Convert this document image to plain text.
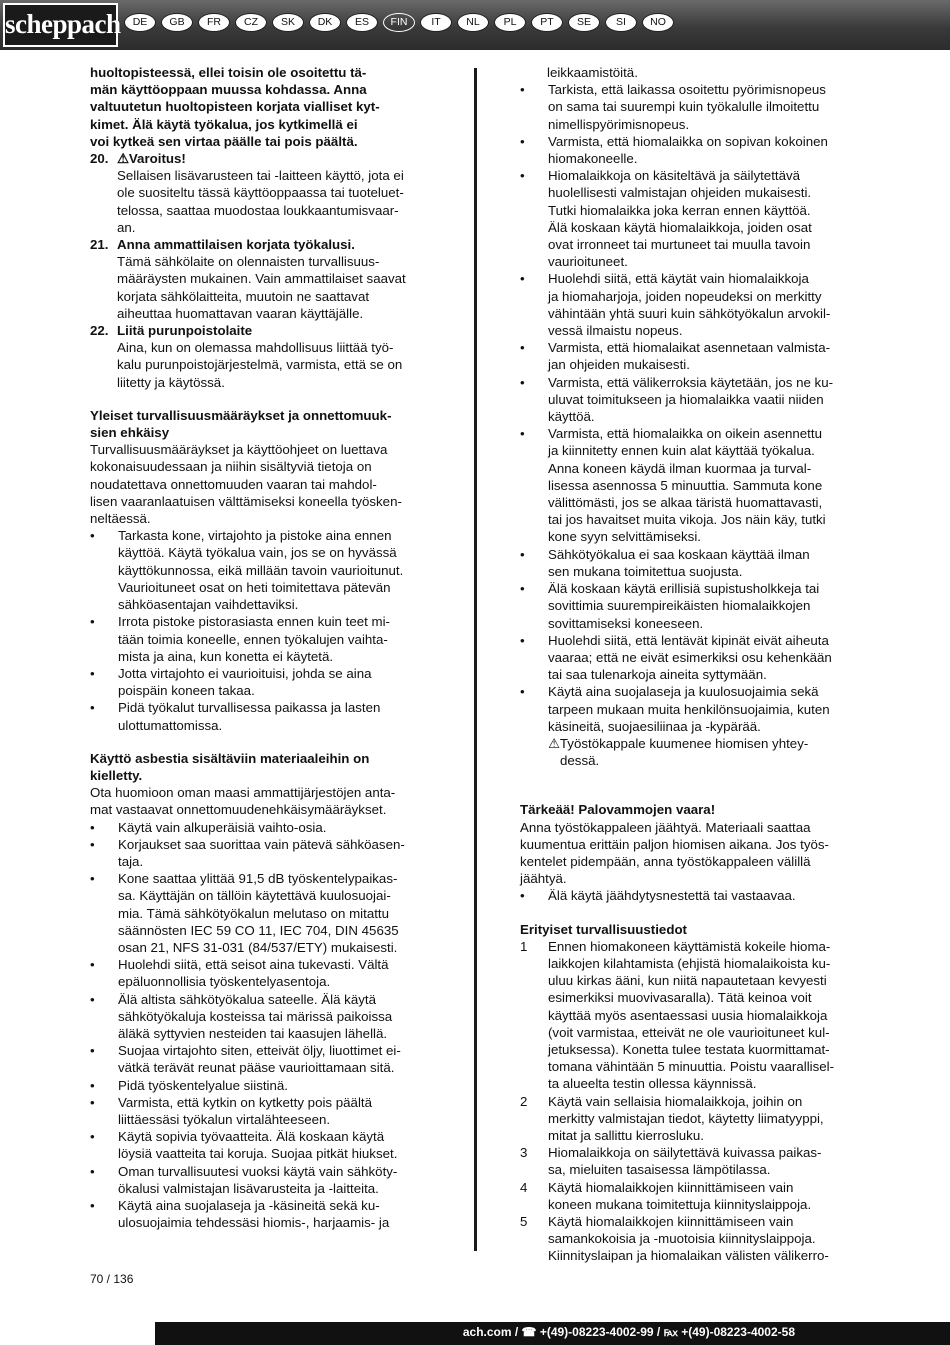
scheppach	DE	GB	FR	CZ	SK	DK	ES	FIN	IT	NL	PL	PT	SE	SI	NO

huoltopisteessä, ellei toisin ole osoitettu tä-

män käyttöoppaan muussa kohdassa. Anna

valtuutetun huoltopisteen korjata vialliset kyt-

kimet. Älä käytä työkalua, jos kytkimellä ei

voi kytkeä sen virtaa päälle tai pois päältä.

20. ⚠Varoitus!

Sellaisen lisävarusteen tai -laitteen käyttö, jota ei

ole suositeltu tässä käyttöoppaassa tai tuoteluet-

telossa, saattaa muodostaa loukkaantumisvaar-

an.

21. Anna ammattilaisen korjata työkalusi.

Tämä sähkölaite on olennaisten turvallisuus-

määräysten mukainen. Vain ammattilaiset saavat

korjata sähkölaitteita, muutoin ne saattavat

aiheuttaa huomattavan vaaran käyttäjälle.

22. Liitä purunpoistolaite

Aina, kun on olemassa mahdollisuus liittää työ-

kalu purunpoistojärjestelmä, varmista, että se on

liitetty ja käytössä.

Yleiset turvallisuusmääräykset ja onnettomuuk-

sien ehkäisy

Turvallisuusmääräykset ja käyttöohjeet on luettava

kokonaisuudessaan ja niihin sisältyviä tietoja on

noudatettava onnettomuuden vaaran tai mahdol-

lisen vaaranlaatuisen välttämiseksi koneella työsken-

neltäessä.

•	Tarkasta kone, virtajohto ja pistoke aina ennen

käyttöä. Käytä työkalua vain, jos se on hyvässä

käyttökunnossa, eikä millään tavoin vaurioitunut.

Vaurioituneet osat on heti toimitettava pätevän

sähköasentajan vaihdettaviksi.

•	Irrota pistoke pistorasiasta ennen kuin teet mi-

tään toimia koneelle, ennen työkalujen vaihta-

mista ja aina, kun konetta ei käytetä.

•	Jotta virtajohto ei vaurioituisi, johda se aina

poispäin koneen takaa.

•	Pidä työkalut turvallisessa paikassa ja lasten

ulottumattomissa.

Käyttö asbestia sisältäviin materiaaleihin on

kielletty.

Ota huomioon oman maasi ammattijärjestöjen anta-

mat vastaavat onnettomuudenehkäisymääräykset.

•	Käytä vain alkuperäisiä vaihto-osia.

•	Korjaukset saa suorittaa vain pätevä sähköasen-

taja.

•	Kone saattaa ylittää 91,5 dB työskentelypaikas-

sa. Käyttäjän on tällöin käytettävä kuulosuojai-

mia. Tämä sähkötyökalun melutaso on mitattu

säännösten IEC 59 CO 11, IEC 704, DIN 45635

osan 21, NFS 31-031 (84/537/ETY) mukaisesti.

•	Huolehdi siitä, että seisot aina tukevasti. Vältä

epäluonnollisia työskentelyasentoja.

•	Älä altista sähkötyökalua sateelle. Älä käytä

sähkötyökaluja kosteissa tai märissä paikoissa

äläkä syttyvien nesteiden tai kaasujen lähellä.

•	Suojaa virtajohto siten, etteivät öljy, liuottimet ei-

vätkä terävät reunat pääse vaurioittamaan sitä.

•	Pidä työskentelyalue siistinä.

•	Varmista, että kytkin on kytketty pois päältä

liittäessäsi työkalun virtalähteeseen.

•	Käytä sopivia työvaatteita. Älä koskaan käytä

löysiä vaatteita tai koruja. Suojaa pitkät hiukset.

•	Oman turvallisuutesi vuoksi käytä vain sähköty-

ökalusi valmistajan lisävarusteita ja -laitteita.

•	Käytä aina suojalaseja ja -käsineitä sekä ku-

ulosuojaimia tehdessäsi hiomis-, harjaamis- ja

leikkaamistöitä.

•	Tarkista, että laikassa osoitettu pyörimisnopeus

on sama tai suurempi kuin työkalulle ilmoitettu

nimellispyörimisnopeus.

•	Varmista, että hiomalaikka on sopivan kokoinen

hiomakoneelle.

•	Hiomalaikkoja on käsiteltävä ja säilytettävä

huolellisesti valmistajan ohjeiden mukaisesti.

Tutki hiomalaikka joka kerran ennen käyttöä.

Älä koskaan käytä hiomalaikkoja, joiden osat

ovat irronneet tai murtuneet tai muulla tavoin

vaurioituneet.

•	Huolehdi siitä, että käytät vain hiomalaikkoja

ja hiomaharjoja, joiden nopeudeksi on merkitty

vähintään yhtä suuri kuin sähkötyökalun arvokil-

vessä ilmaistu nopeus.

•	Varmista, että hiomalaikat asennetaan valmista-

jan ohjeiden mukaisesti.

•	Varmista, että välikerroksia käytetään, jos ne ku-

uluvat toimitukseen ja hiomalaikka vaatii niiden

käyttöä.

•	Varmista, että hiomalaikka on oikein asennettu

ja kiinnitetty ennen kuin alat käyttää työkalua.

Anna koneen käydä ilman kuormaa ja turval-

lisessa asennossa 5 minuuttia. Sammuta kone

välittömästi, jos se alkaa täristä huomattavasti,

tai jos havaitset muita vikoja. Jos näin käy, tutki

kone syyn selvittämiseksi.

•	Sähkötyökalua ei saa koskaan käyttää ilman

sen mukana toimitettua suojusta.

•	Älä koskaan käytä erillisiä supistusholkkeja tai

sovittimia suurempireikäisten hiomalaikkojen

sovittamiseksi koneeseen.

•	Huolehdi siitä, että lentävät kipinät eivät aiheuta

vaaraa; että ne eivät esimerkiksi osu kehenkään

tai saa tulenarkoja aineita syttymään.

•	Käytä aina suojalaseja ja kuulosuojaimia sekä

tarpeen mukaan muita henkilönsuojaimia, kuten

käsineitä, suojaesiliinaa ja -kypärää.

⚠Työstökappale kuumenee hiomisen yhtey-

dessä.

Tärkeää! Palovammojen vaara!

Anna työstökappaleen jäähtyä. Materiaali saattaa

kuumentua erittäin paljon hiomisen aikana. Jos työs-

kentelet pidempään, anna työstökappaleen välillä

jäähtyä.

•	Älä käytä jäähdytysnestettä tai vastaavaa.

Erityiset turvallisuustiedot

1	Ennen hiomakoneen käyttämistä kokeile hioma-

laikkojen kilahtamista (ehjistä hiomalaikoista ku-

uluu kirkas ääni, kun niitä napautetaan kevyesti

esimerkiksi muovivasaralla). Tätä keinoa voit

käyttää myös asentaessasi uusia hiomalaikkoja

(voit varmistaa, etteivät ne ole vaurioituneet kul-

jetuksessa). Konetta tulee testata kuormittamat-

tomana vähintään 5 minuuttia. Poistu vaarallisel-

ta alueelta testin ollessa käynnissä.

2	Käytä vain sellaisia hiomalaikkoja, joihin on

merkitty valmistajan tiedot, käytetty liimatyyppi,

mitat ja sallittu kierrosluku.

3	Hiomalaikkoja on säilytettävä kuivassa paikas-

sa, mieluiten tasaisessa lämpötilassa.

4	Käytä hiomalaikkojen kiinnittämiseen vain

koneen mukana toimitettuja kiinnityslaippoja.

5	Käytä hiomalaikkojen kiinnittämiseen vain

samankokoisia ja -muotoisia kiinnityslaippoja.

Kiinnityslaipan ja hiomalaikan välisten välikerro-

70 / 136
ach.com / ☎ +(49)-08223-4002-99 / ℻ +(49)-08223-4002-58
